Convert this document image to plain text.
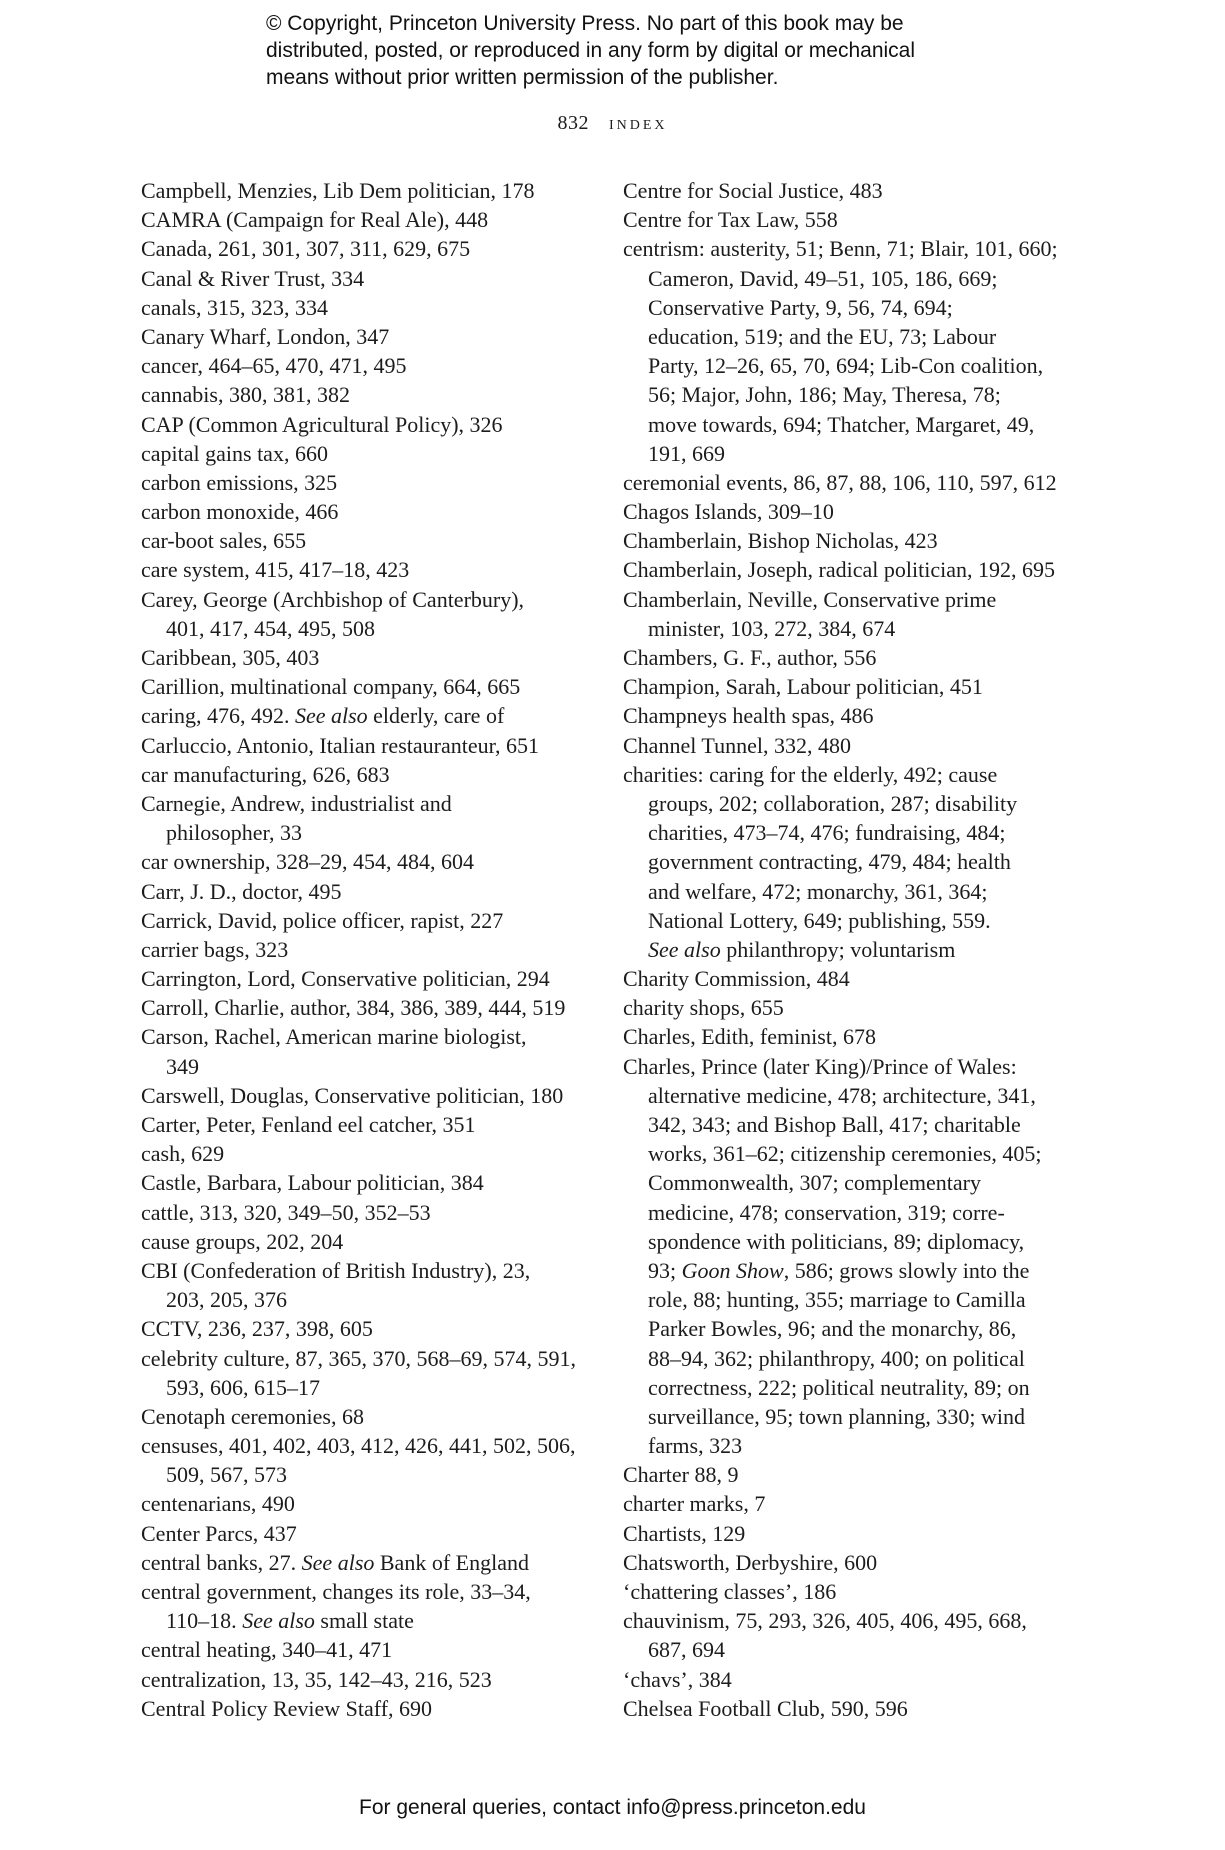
© Copyright, Princeton University Press. No part of this book may be
distributed, posted, or reproduced in any form by digital or mechanical
means without prior written permission of the publisher.
832 index
Campbell, Menzies, Lib Dem politician, 178
CAMRA (Campaign for Real Ale), 448
Canada, 261, 301, 307, 311, 629, 675
Canal & River Trust, 334
canals, 315, 323, 334
Canary Wharf, London, 347
cancer, 464–65, 470, 471, 495
cannabis, 380, 381, 382
CAP (Common Agricultural Policy), 326
capital gains tax, 660
carbon emissions, 325
carbon monoxide, 466
car-boot sales, 655
care system, 415, 417–18, 423
Carey, George (Archbishop of Canterbury),
401, 417, 454, 495, 508
Caribbean, 305, 403
Carillion, multinational company, 664, 665
caring, 476, 492. See also elderly, care of
Carluccio, Antonio, Italian restauranteur, 651
car manufacturing, 626, 683
Carnegie, Andrew, industrialist and
philosopher, 33
car ownership, 328–29, 454, 484, 604
Carr, J. D., doctor, 495
Carrick, David, police officer, rapist, 227
carrier bags, 323
Carrington, Lord, Conservative politician, 294
Carroll, Charlie, author, 384, 386, 389, 444, 519
Carson, Rachel, American marine biologist,
349
Carswell, Douglas, Conservative politician, 180
Carter, Peter, Fenland eel catcher, 351
cash, 629
Castle, Barbara, Labour politician, 384
cattle, 313, 320, 349–50, 352–53
cause groups, 202, 204
CBI (Confederation of British Industry), 23,
203, 205, 376
CCTV, 236, 237, 398, 605
celebrity culture, 87, 365, 370, 568–69, 574, 591,
593, 606, 615–17
Cenotaph ceremonies, 68
censuses, 401, 402, 403, 412, 426, 441, 502, 506,
509, 567, 573
centenarians, 490
Center Parcs, 437
central banks, 27. See also Bank of England
central government, changes its role, 33–34,
110–18. See also small state
central heating, 340–41, 471
centralization, 13, 35, 142–43, 216, 523
Central Policy Review Staff, 690
Centre for Social Justice, 483
Centre for Tax Law, 558
centrism: austerity, 51; Benn, 71; Blair, 101, 660;
Cameron, David, 49–51, 105, 186, 669;
Conservative Party, 9, 56, 74, 694;
education, 519; and the EU, 73; Labour
Party, 12–26, 65, 70, 694; Lib-Con coalition,
56; Major, John, 186; May, Theresa, 78;
move towards, 694; Thatcher, Margaret, 49,
191, 669
ceremonial events, 86, 87, 88, 106, 110, 597, 612
Chagos Islands, 309–10
Chamberlain, Bishop Nicholas, 423
Chamberlain, Joseph, radical politician, 192, 695
Chamberlain, Neville, Conservative prime
minister, 103, 272, 384, 674
Chambers, G. F., author, 556
Champion, Sarah, Labour politician, 451
Champneys health spas, 486
Channel Tunnel, 332, 480
charities: caring for the elderly, 492; cause
groups, 202; collaboration, 287; disability
charities, 473–74, 476; fundraising, 484;
government contracting, 479, 484; health
and welfare, 472; monarchy, 361, 364;
National Lottery, 649; publishing, 559.
See also philanthropy; voluntarism
Charity Commission, 484
charity shops, 655
Charles, Edith, feminist, 678
Charles, Prince (later King)/Prince of Wales:
alternative medicine, 478; architecture, 341,
342, 343; and Bishop Ball, 417; charitable
works, 361–62; citizenship ceremonies, 405;
Commonwealth, 307; complementary
medicine, 478; conservation, 319; corre-
spondence with politicians, 89; diplomacy,
93; Goon Show, 586; grows slowly into the
role, 88; hunting, 355; marriage to Camilla
Parker Bowles, 96; and the monarchy, 86,
88–94, 362; philanthropy, 400; on political
correctness, 222; political neutrality, 89; on
surveillance, 95; town planning, 330; wind
farms, 323
Charter 88, 9
charter marks, 7
Chartists, 129
Chatsworth, Derbyshire, 600
‘chattering classes’, 186
chauvinism, 75, 293, 326, 405, 406, 495, 668,
687, 694
‘chavs’, 384
Chelsea Football Club, 590, 596
For general queries, contact info@press.princeton.edu
